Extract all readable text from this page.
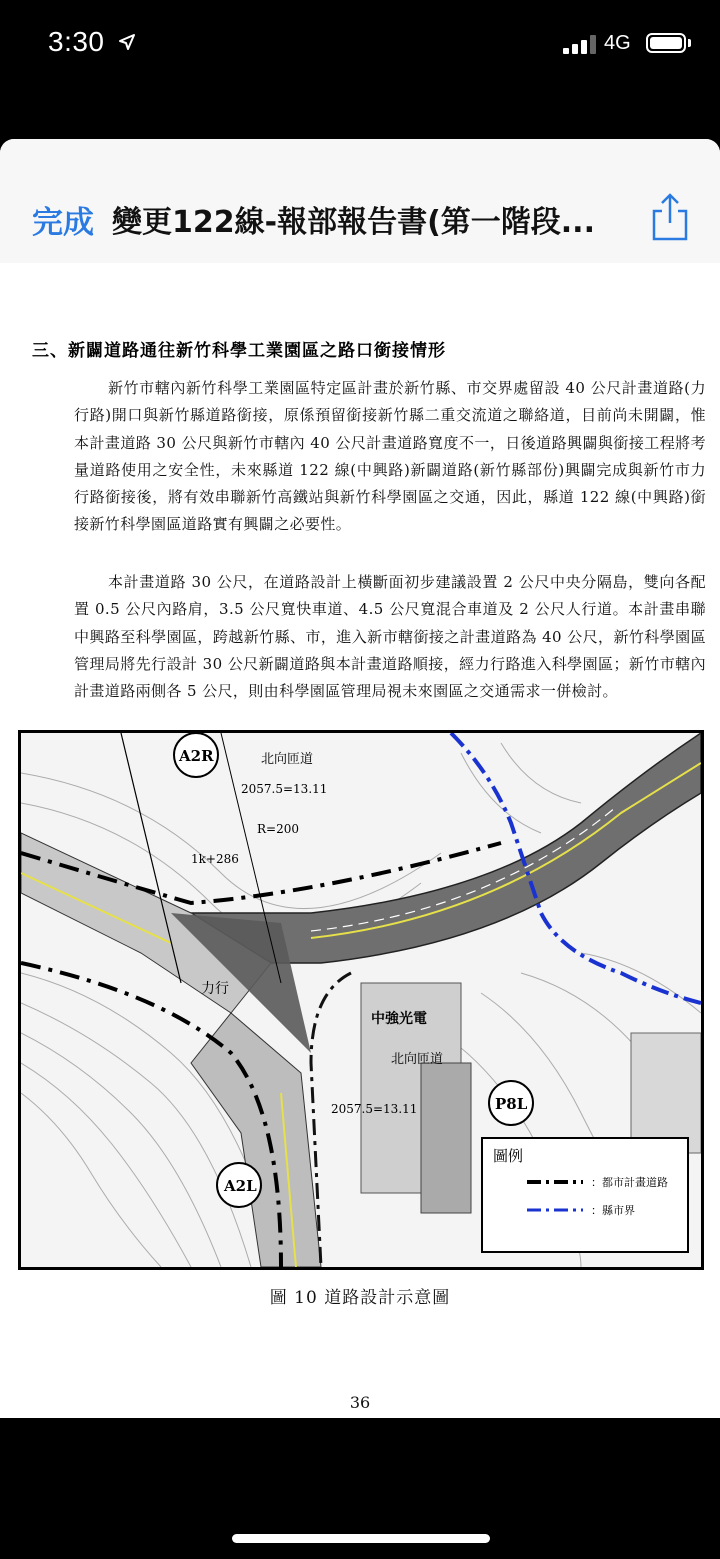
3:30	4G
完成 變更122線-報部報告書(第一階段...
三、新闢道路通往新竹科學工業園區之路口銜接情形
新竹市轄內新竹科學工業園區特定區計畫於新竹縣、市交界處留設 40 公尺計畫道路(力行路)開口與新竹縣道路銜接，原係預留銜接新竹縣二重交流道之聯絡道，目前尚未開闢，惟本計畫道路 30 公尺與新竹市轄內 40 公尺計畫道路寬度不一，日後道路興闢與銜接工程將考量道路使用之安全性，未來縣道 122 線(中興路)新闢道路(新竹縣部份)興闢完成與新竹市力行路銜接後，將有效串聯新竹高鐵站與新竹科學園區之交通，因此，縣道 122 線(中興路)銜接新竹科學園區道路實有興闢之必要性。
本計畫道路 30 公尺，在道路設計上橫斷面初步建議設置 2 公尺中央分隔島，雙向各配置 0.5 公尺內路肩，3.5 公尺寬快車道、4.5 公尺寬混合車道及 2 公尺人行道。本計畫串聯中興路至科學園區，跨越新竹縣、市，進入新市轄銜接之計畫道路為 40 公尺，新竹科學園區管理局將先行設計 30 公尺新闢道路與本計畫道路順接，經力行路進入科學園區；新竹市轄內計畫道路兩側各 5 公尺，則由科學園區管理局視未來園區之交通需求一併檢討。
A2R
A2L
P8L
R=200
1k+286
2057.5=13.11
2057.5=13.11
中強光電
力行
北向匝道
北向匝道
圖例
：都市計畫道路
：縣市界
圖 10 道路設計示意圖
36
